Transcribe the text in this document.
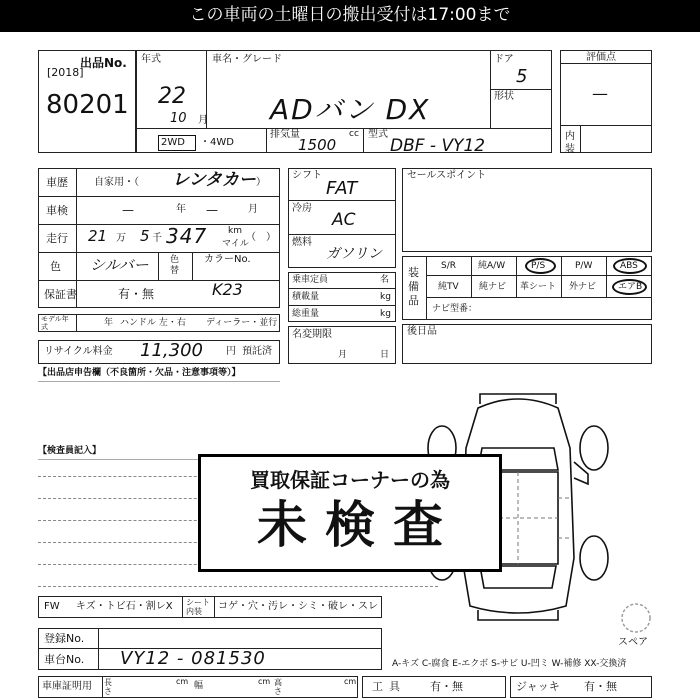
この車両の土曜日の搬出受付は17:00まで
出品No.
[2018]
80201
年式
22
10 月
車名・グレード
ADバン DX
ドア
5
形状
2WD ・4WD
排気量
1500
cc 型式
DBF - VY12
評価点
—
内装
車歴	自家用・（ レンタカー ）
車検	—	年 —	月
走行 21 万 5 千 347 km
マイル
（　）
色 シルバー 色替
カラーNo.
K23
保証書	有・無
モデル年式	年 ハンドル 左・右 ディーラー・並行
リサイクル料金 11,300 円 預託済
【出品店申告欄（不良箇所・欠品・注意事項等）】
シフト
FAT
冷房
AC
燃料
ガソリン
乗車定員	名
積載量	kg
総重量	kg
名変期限
月	日
セールスポイント
装備品
S/R 純A/W	P/S	P/W	ABS
純TV 純ナビ 革シート 外ナビ エアB
ナビ型番：
後日品
【検査員記入】
スペア
買取保証コーナーの為
未検査
FW キズ・トビ石・割レX シート内装	コゲ・穴・汚レ・シミ・破レ・スレ
登録No.
車台No. VY12 - 081530	A-キズ C-腐食 E-エクボ S-サビ U-凹ミ W-補修 XX-交換済
車庫証明用 長さ
cm 幅	cm 高さ
cm 工具 有・無	ジャッキ 有・無
